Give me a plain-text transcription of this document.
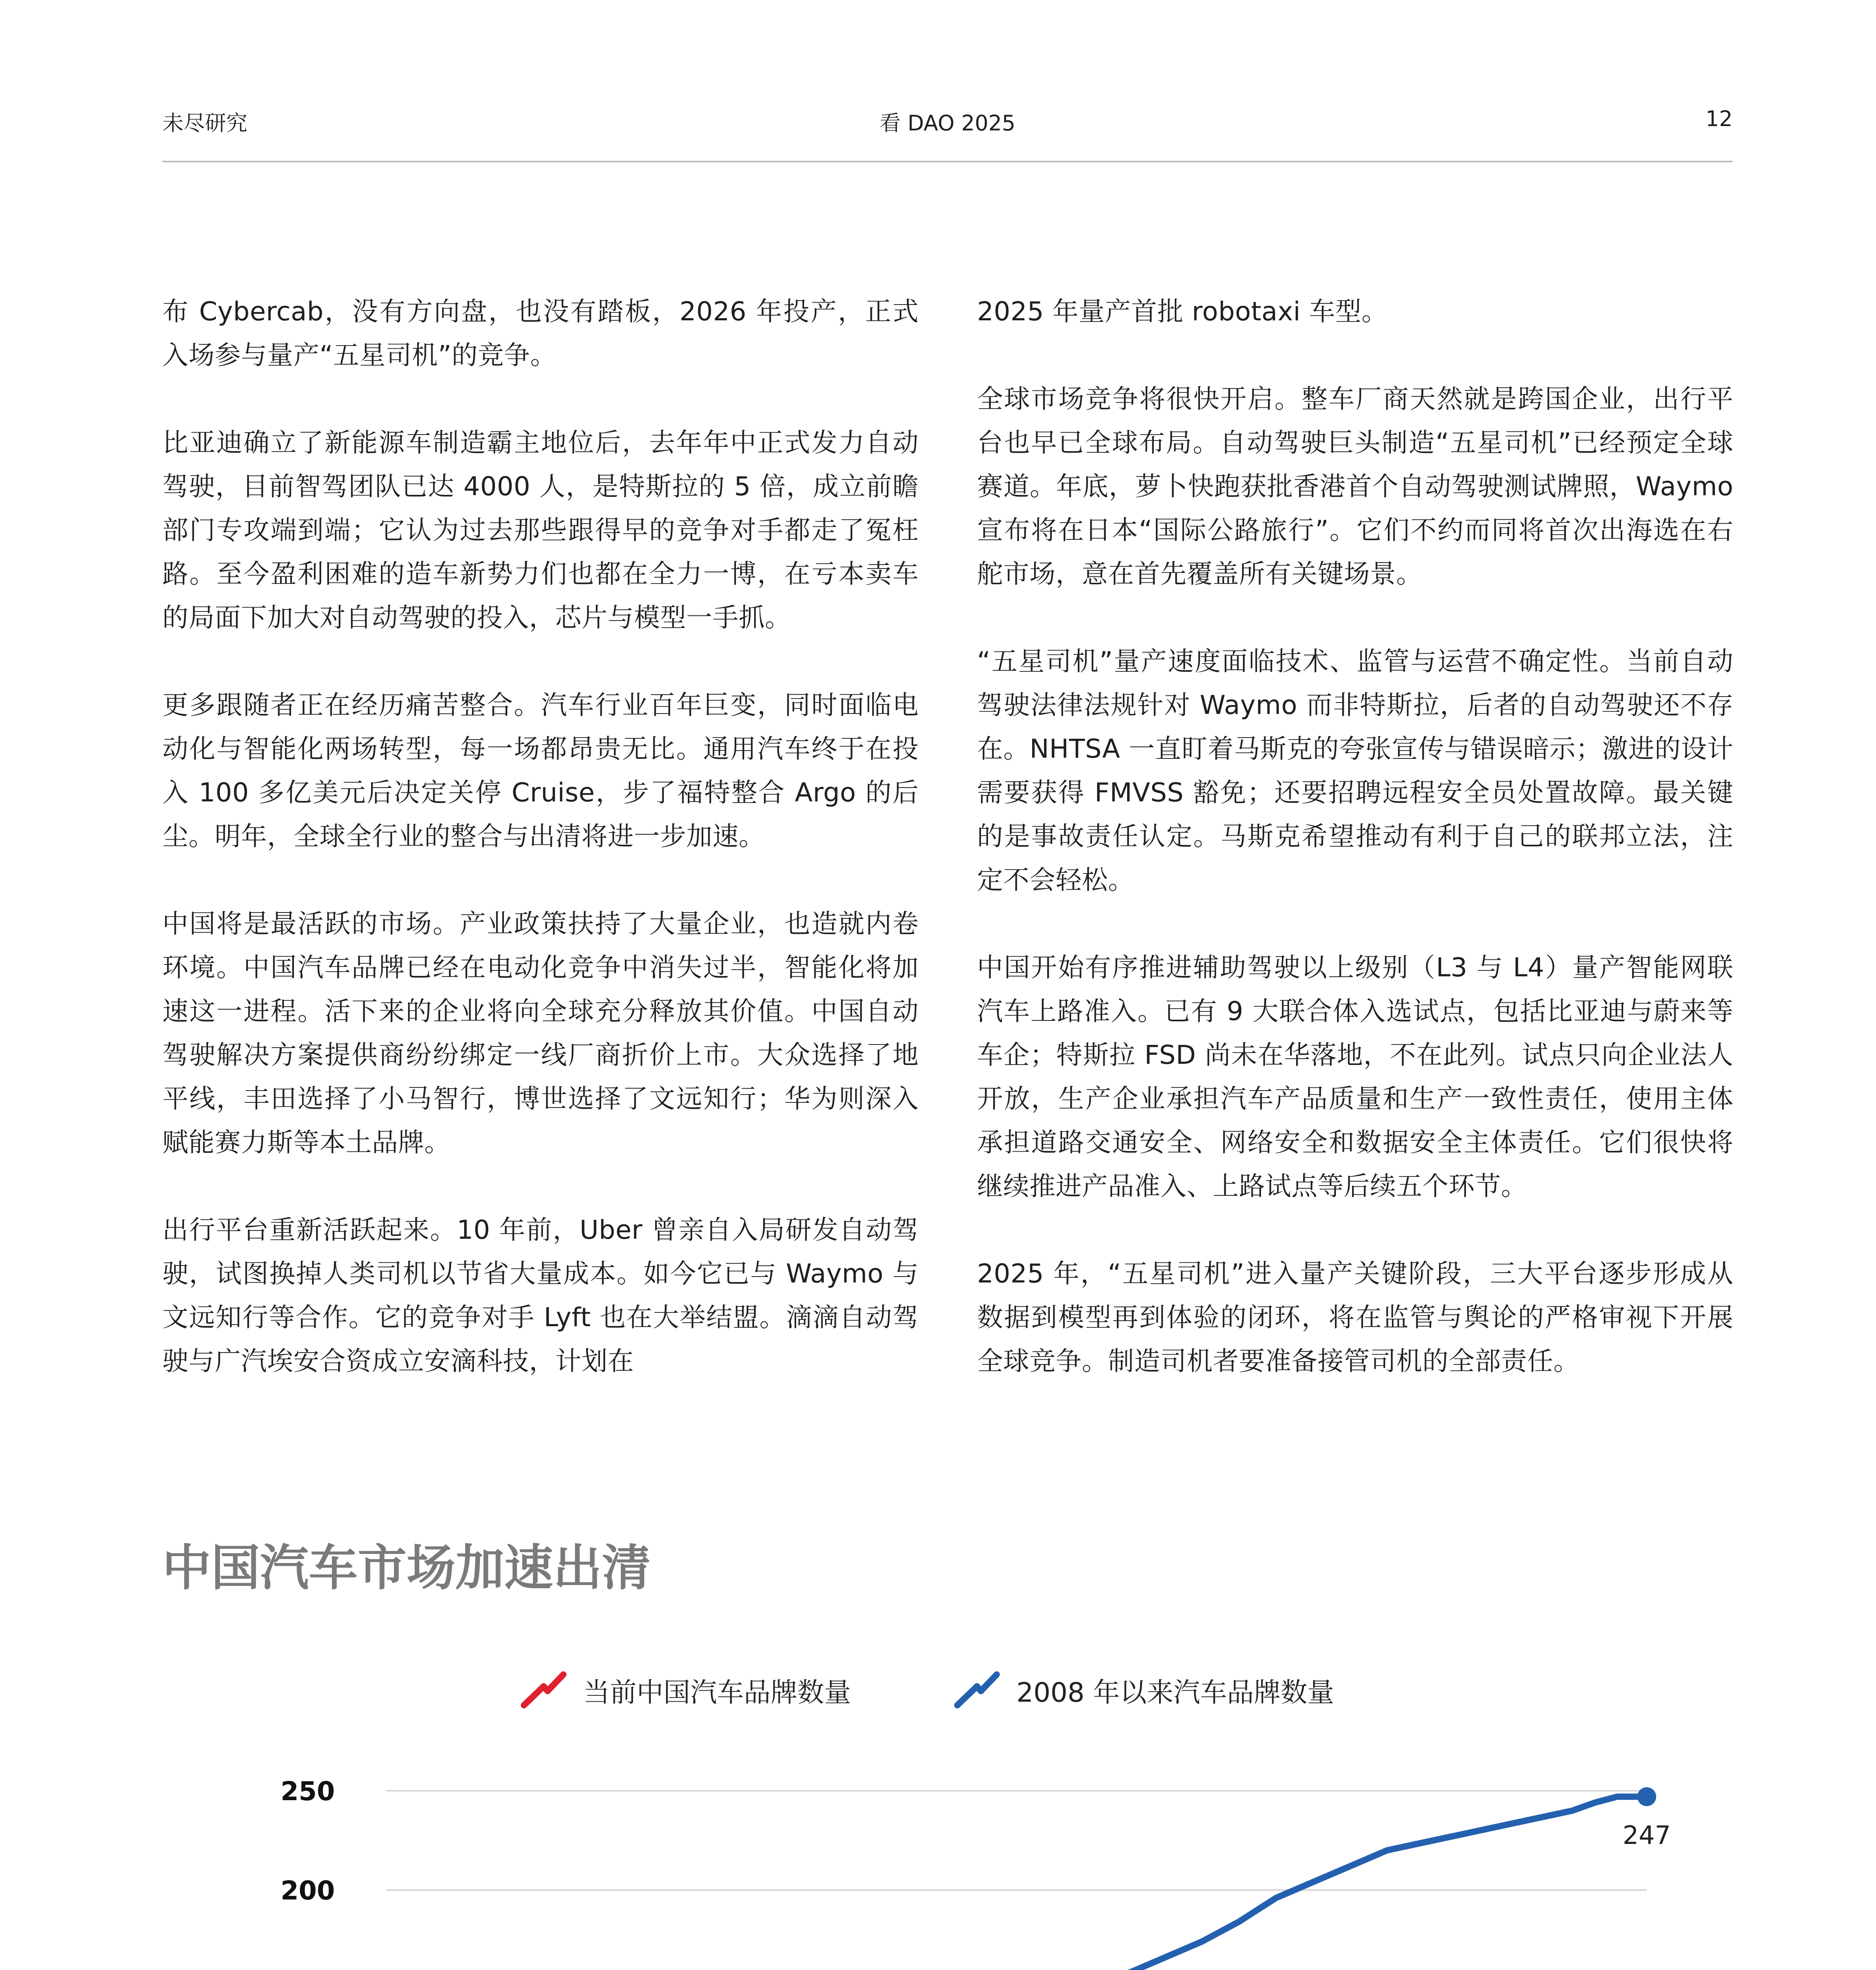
未尽研究	看 DAO 2025	12

布 Cybercab，没有方向盘，也没有踏板，2026 年投产，正式入场参与量产“五星司机”的竞争。

比亚迪确立了新能源车制造霸主地位后，去年年中正式发力自动驾驶，目前智驾团队已达 4000 人，是特斯拉的 5 倍，成立前瞻部门专攻端到端；它认为过去那些跟得早的竞争对手都走了冤枉路。至今盈利困难的造车新势力们也都在全力一博，在亏本卖车的局面下加大对自动驾驶的投入，芯片与模型一手抓。

更多跟随者正在经历痛苦整合。汽车行业百年巨变，同时面临电动化与智能化两场转型，每一场都昂贵无比。通用汽车终于在投入 100 多亿美元后决定关停 Cruise，步了福特整合 Argo 的后尘。明年，全球全行业的整合与出清将进一步加速。

中国将是最活跃的市场。产业政策扶持了大量企业，也造就内卷环境。中国汽车品牌已经在电动化竞争中消失过半，智能化将加速这一进程。活下来的企业将向全球充分释放其价值。中国自动驾驶解决方案提供商纷纷绑定一线厂商折价上市。大众选择了地平线，丰田选择了小马智行，博世选择了文远知行；华为则深入赋能赛力斯等本土品牌。

出行平台重新活跃起来。10 年前，Uber 曾亲自入局研发自动驾驶，试图换掉人类司机以节省大量成本。如今它已与 Waymo 与文远知行等合作。它的竞争对手 Lyft 也在大举结盟。滴滴自动驾驶与广汽埃安合资成立安滴科技，计划在

2025 年量产首批 robotaxi 车型。

全球市场竞争将很快开启。整车厂商天然就是跨国企业，出行平台也早已全球布局。自动驾驶巨头制造“五星司机”已经预定全球赛道。年底，萝卜快跑获批香港首个自动驾驶测试牌照，Waymo 宣布将在日本“国际公路旅行”。它们不约而同将首次出海选在右舵市场，意在首先覆盖所有关键场景。

“五星司机”量产速度面临技术、监管与运营不确定性。当前自动驾驶法律法规针对 Waymo 而非特斯拉，后者的自动驾驶还不存在。NHTSA 一直盯着马斯克的夸张宣传与错误暗示；激进的设计需要获得 FMVSS 豁免；还要招聘远程安全员处置故障。最关键的是事故责任认定。马斯克希望推动有利于自己的联邦立法，注定不会轻松。

中国开始有序推进辅助驾驶以上级别（L3 与 L4）量产智能网联汽车上路准入。已有 9 大联合体入选试点，包括比亚迪与蔚来等车企；特斯拉 FSD 尚未在华落地，不在此列。试点只向企业法人开放，生产企业承担汽车产品质量和生产一致性责任，使用主体承担道路交通安全、网络安全和数据安全主体责任。它们很快将继续推进产品准入、上路试点等后续五个环节。

2025 年，“五星司机”进入量产关键阶段，三大平台逐步形成从数据到模型再到体验的闭环，将在监管与舆论的严格审视下开展全球竞争。制造司机者要准备接管司机的全部责任。

中国汽车市场加速出清
当前中国汽车品牌数量	2008 年以来汽车品牌数量
200
250
247
